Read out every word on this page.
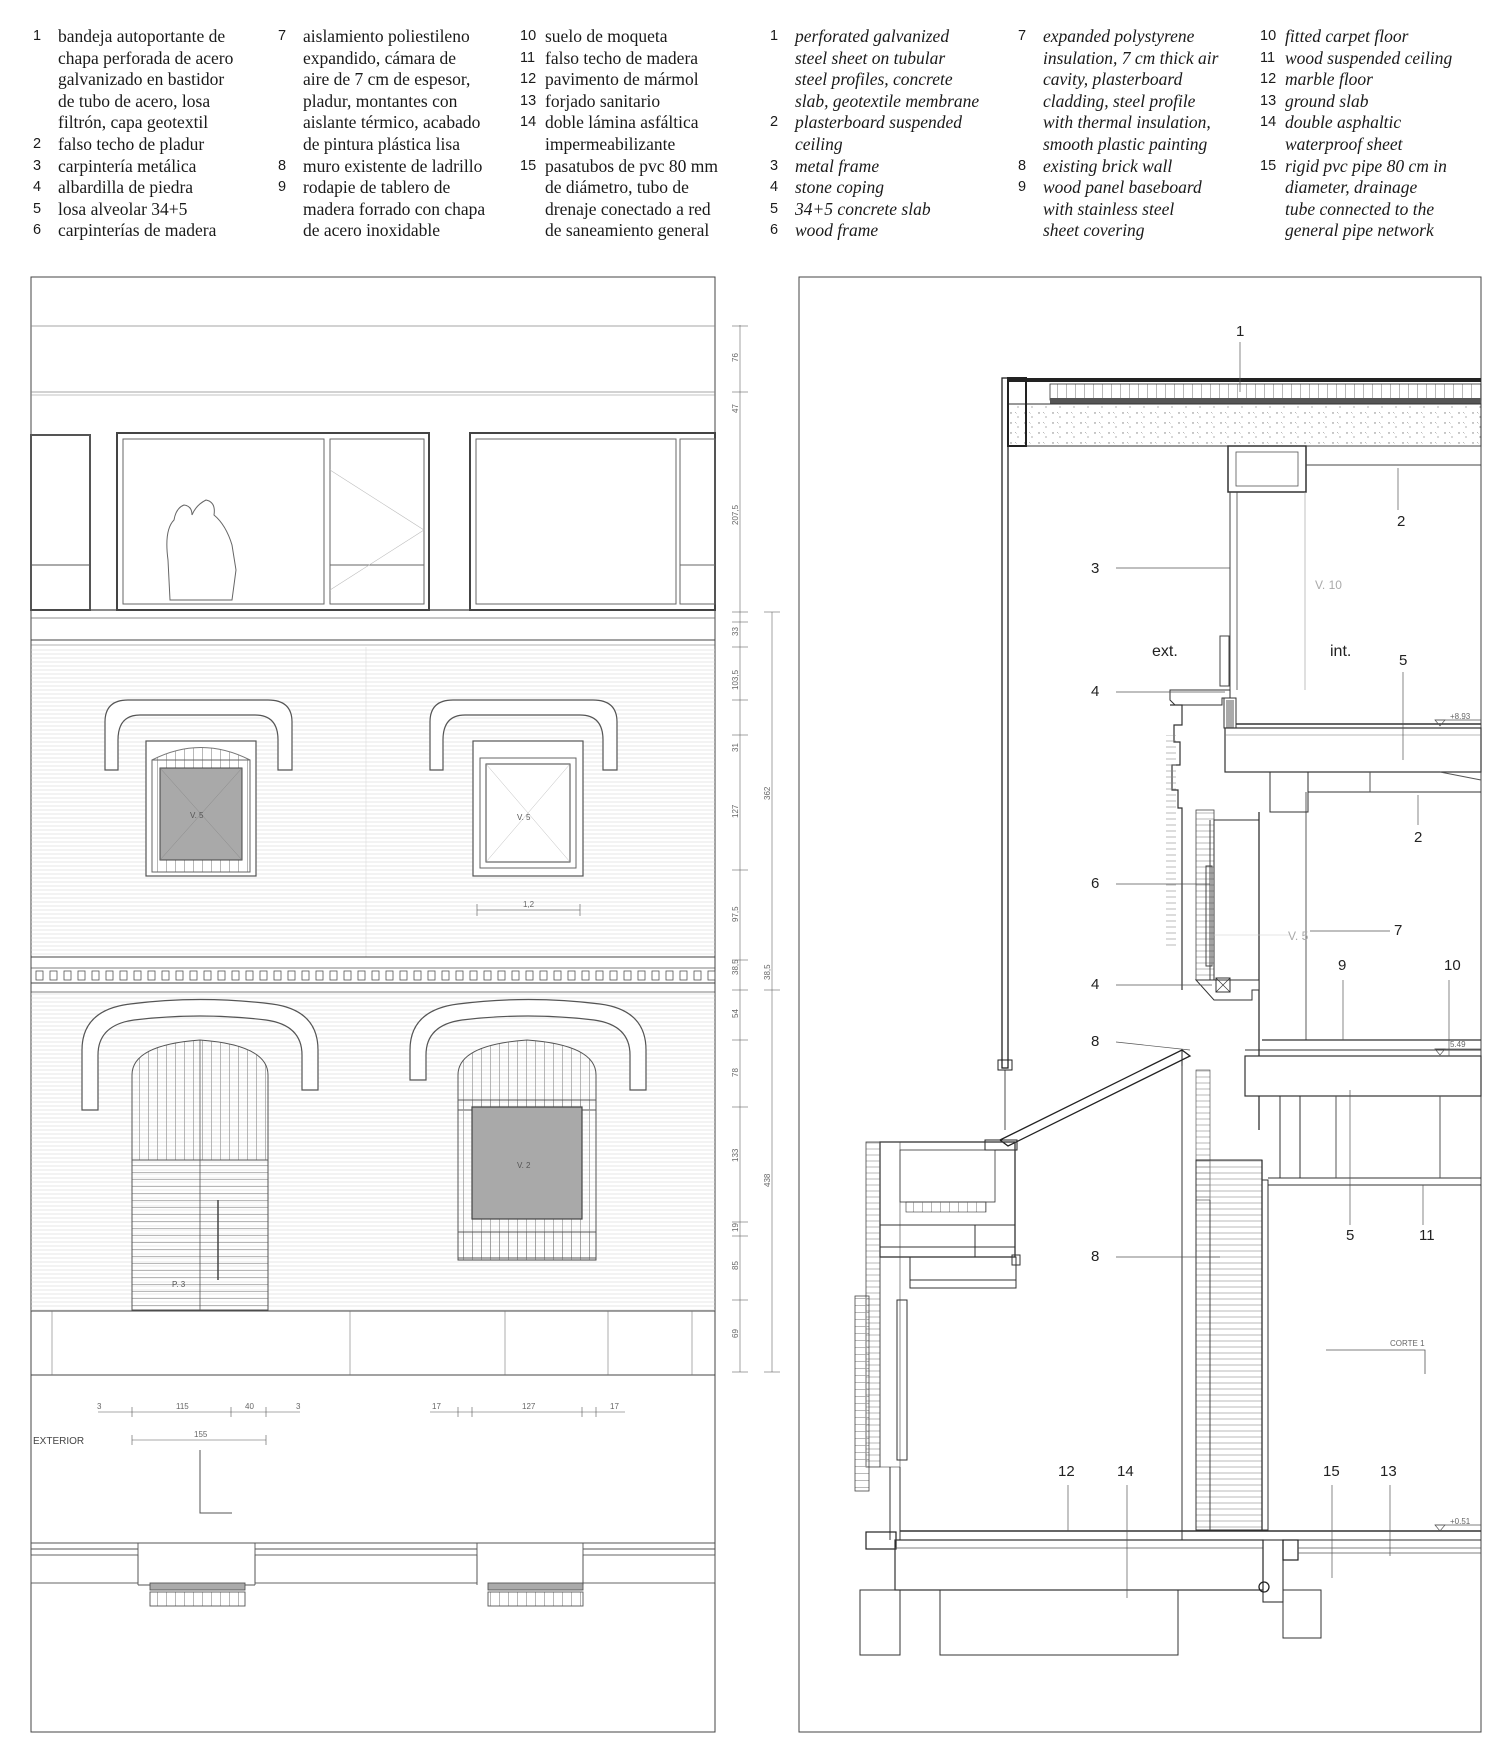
1 bandeja autoportante de
chapa perforada de acero
galvanizado en bastidor
de tubo de acero, losa
filtrón, capa geotextil
2 falso techo de pladur
3 carpintería metálica
4 albardilla de piedra
5 losa alveolar 34+5
6 carpinterías de madera
7 aislamiento poliestileno
expandido, cámara de
aire de 7 cm de espesor,
pladur, montantes con
aislante térmico, acabado
de pintura plástica lisa
8 muro existente de ladrillo
9 rodapie de tablero de
madera forrado con chapa
de acero inoxidable
10 suelo de moqueta
11 falso techo de madera
12 pavimento de mármol
13 forjado sanitario
14 doble lámina asfáltica
impermeabilizante
15 pasatubos de pvc 80 mm
de diámetro, tubo de
drenaje conectado a red
de saneamiento general
1 perforated galvanized
steel sheet on tubular
steel profiles, concrete
slab, geotextile membrane
2 plasterboard suspended
ceiling
3 metal frame
4 stone coping
5 34+5 concrete slab
6 wood frame
7 expanded polystyrene
insulation, 7 cm thick air
cavity, plasterboard
cladding, steel profile
with thermal insulation,
smooth plastic painting
8 existing brick wall
9 wood panel baseboard
with stainless steel
sheet covering
10 fitted carpet floor
11 wood suspended ceiling
12 marble floor
13 ground slab
14 double asphaltic
waterproof sheet
15 rigid pvc pipe 80 cm in
diameter, drainage
tube connected to the
general pipe network
V. 5	V. 5
1,2
P. 3
V. 2
76
47
207,5
33
103,5
31
127
97,5
38,5
54
78
133
19
85
69
362
438
38,5
3	115	40	3
155
17	127	17
EXTERIOR
+8.93
5.49
+0.51
CORTE 1
ext.	int.
V. 10
V. 5
1
2
3
5
4
2
6
7
4
9	10
8
5	11
8
12	14	15	13
